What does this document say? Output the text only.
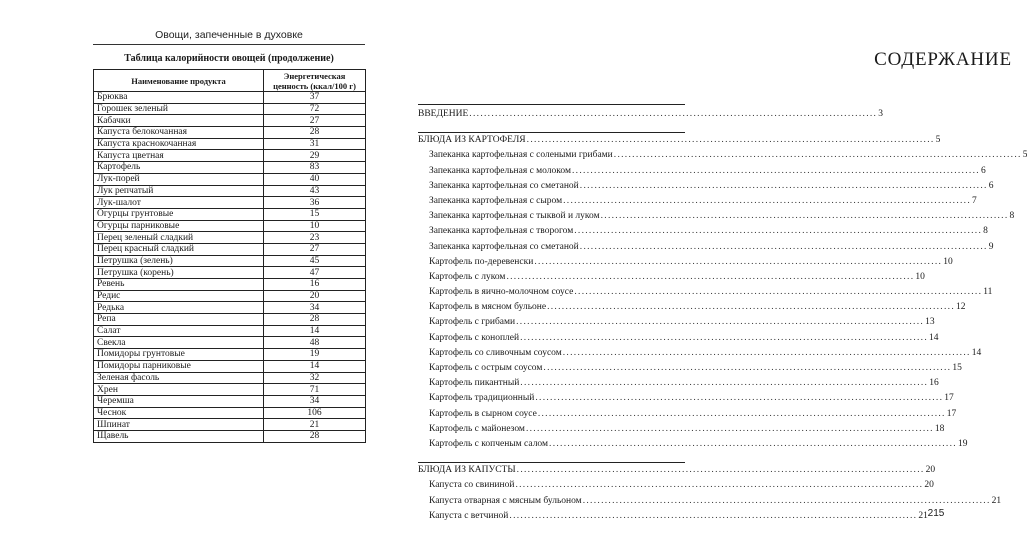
Овощи, запеченные в духовке
Таблица калорийности овощей (продолжение)
Наименование продукта	Энергетическая ценность (ккал/100 г)
Брюква	37
Горошек зеленый	72
Кабачки	27
Капуста белокочанная	28
Капуста краснокочанная	31
Капуста цветная	29
Картофель	83
Лук-порей	40
Лук репчатый	43
Лук-шалот	36
Огурцы грунтовые	15
Огурцы парниковые	10
Перец зеленый сладкий	23
Перец красный сладкий	27
Петрушка (зелень)	45
Петрушка (корень)	47
Ревень	16
Редис	20
Редька	34
Репа	28
Салат	14
Свекла	48
Помидоры грунтовые	19
Помидоры парниковые	14
Зеленая фасоль	32
Хрен	71
Черемша	34
Чеснок	106
Шпинат	21
Щавель	28
СОДЕРЖАНИЕ
215
ВВЕДЕНИЕ .....	3
БЛЮДА ИЗ КАРТОФЕЛЯ .....	5
Запеканка картофельная с солеными грибами .....	5
Запеканка картофельная с молоком .....	6
Запеканка картофельная со сметаной .....	6
Запеканка картофельная с сыром .....	7
Запеканка картофельная с тыквой и луком .....	8
Запеканка картофельная с творогом .....	8
Запеканка картофельная со сметаной .....	9
Картофель по-деревенски .....	10
Картофель с луком .....	10
Картофель в яично-молочном соусе .....	11
Картофель в мясном бульоне .....	12
Картофель с грибами .....	13
Картофель с коноплей .....	14
Картофель со сливочным соусом .....	14
Картофель с острым соусом .....	15
Картофель пикантный .....	16
Картофель традиционный .....	17
Картофель в сырном соусе .....	17
Картофель с майонезом .....	18
Картофель с копченым салом .....	19
БЛЮДА ИЗ КАПУСТЫ .....	20
Капуста со свининой .....	20
Капуста отварная с мясным бульоном .....	21
Капуста с ветчиной .....	21
